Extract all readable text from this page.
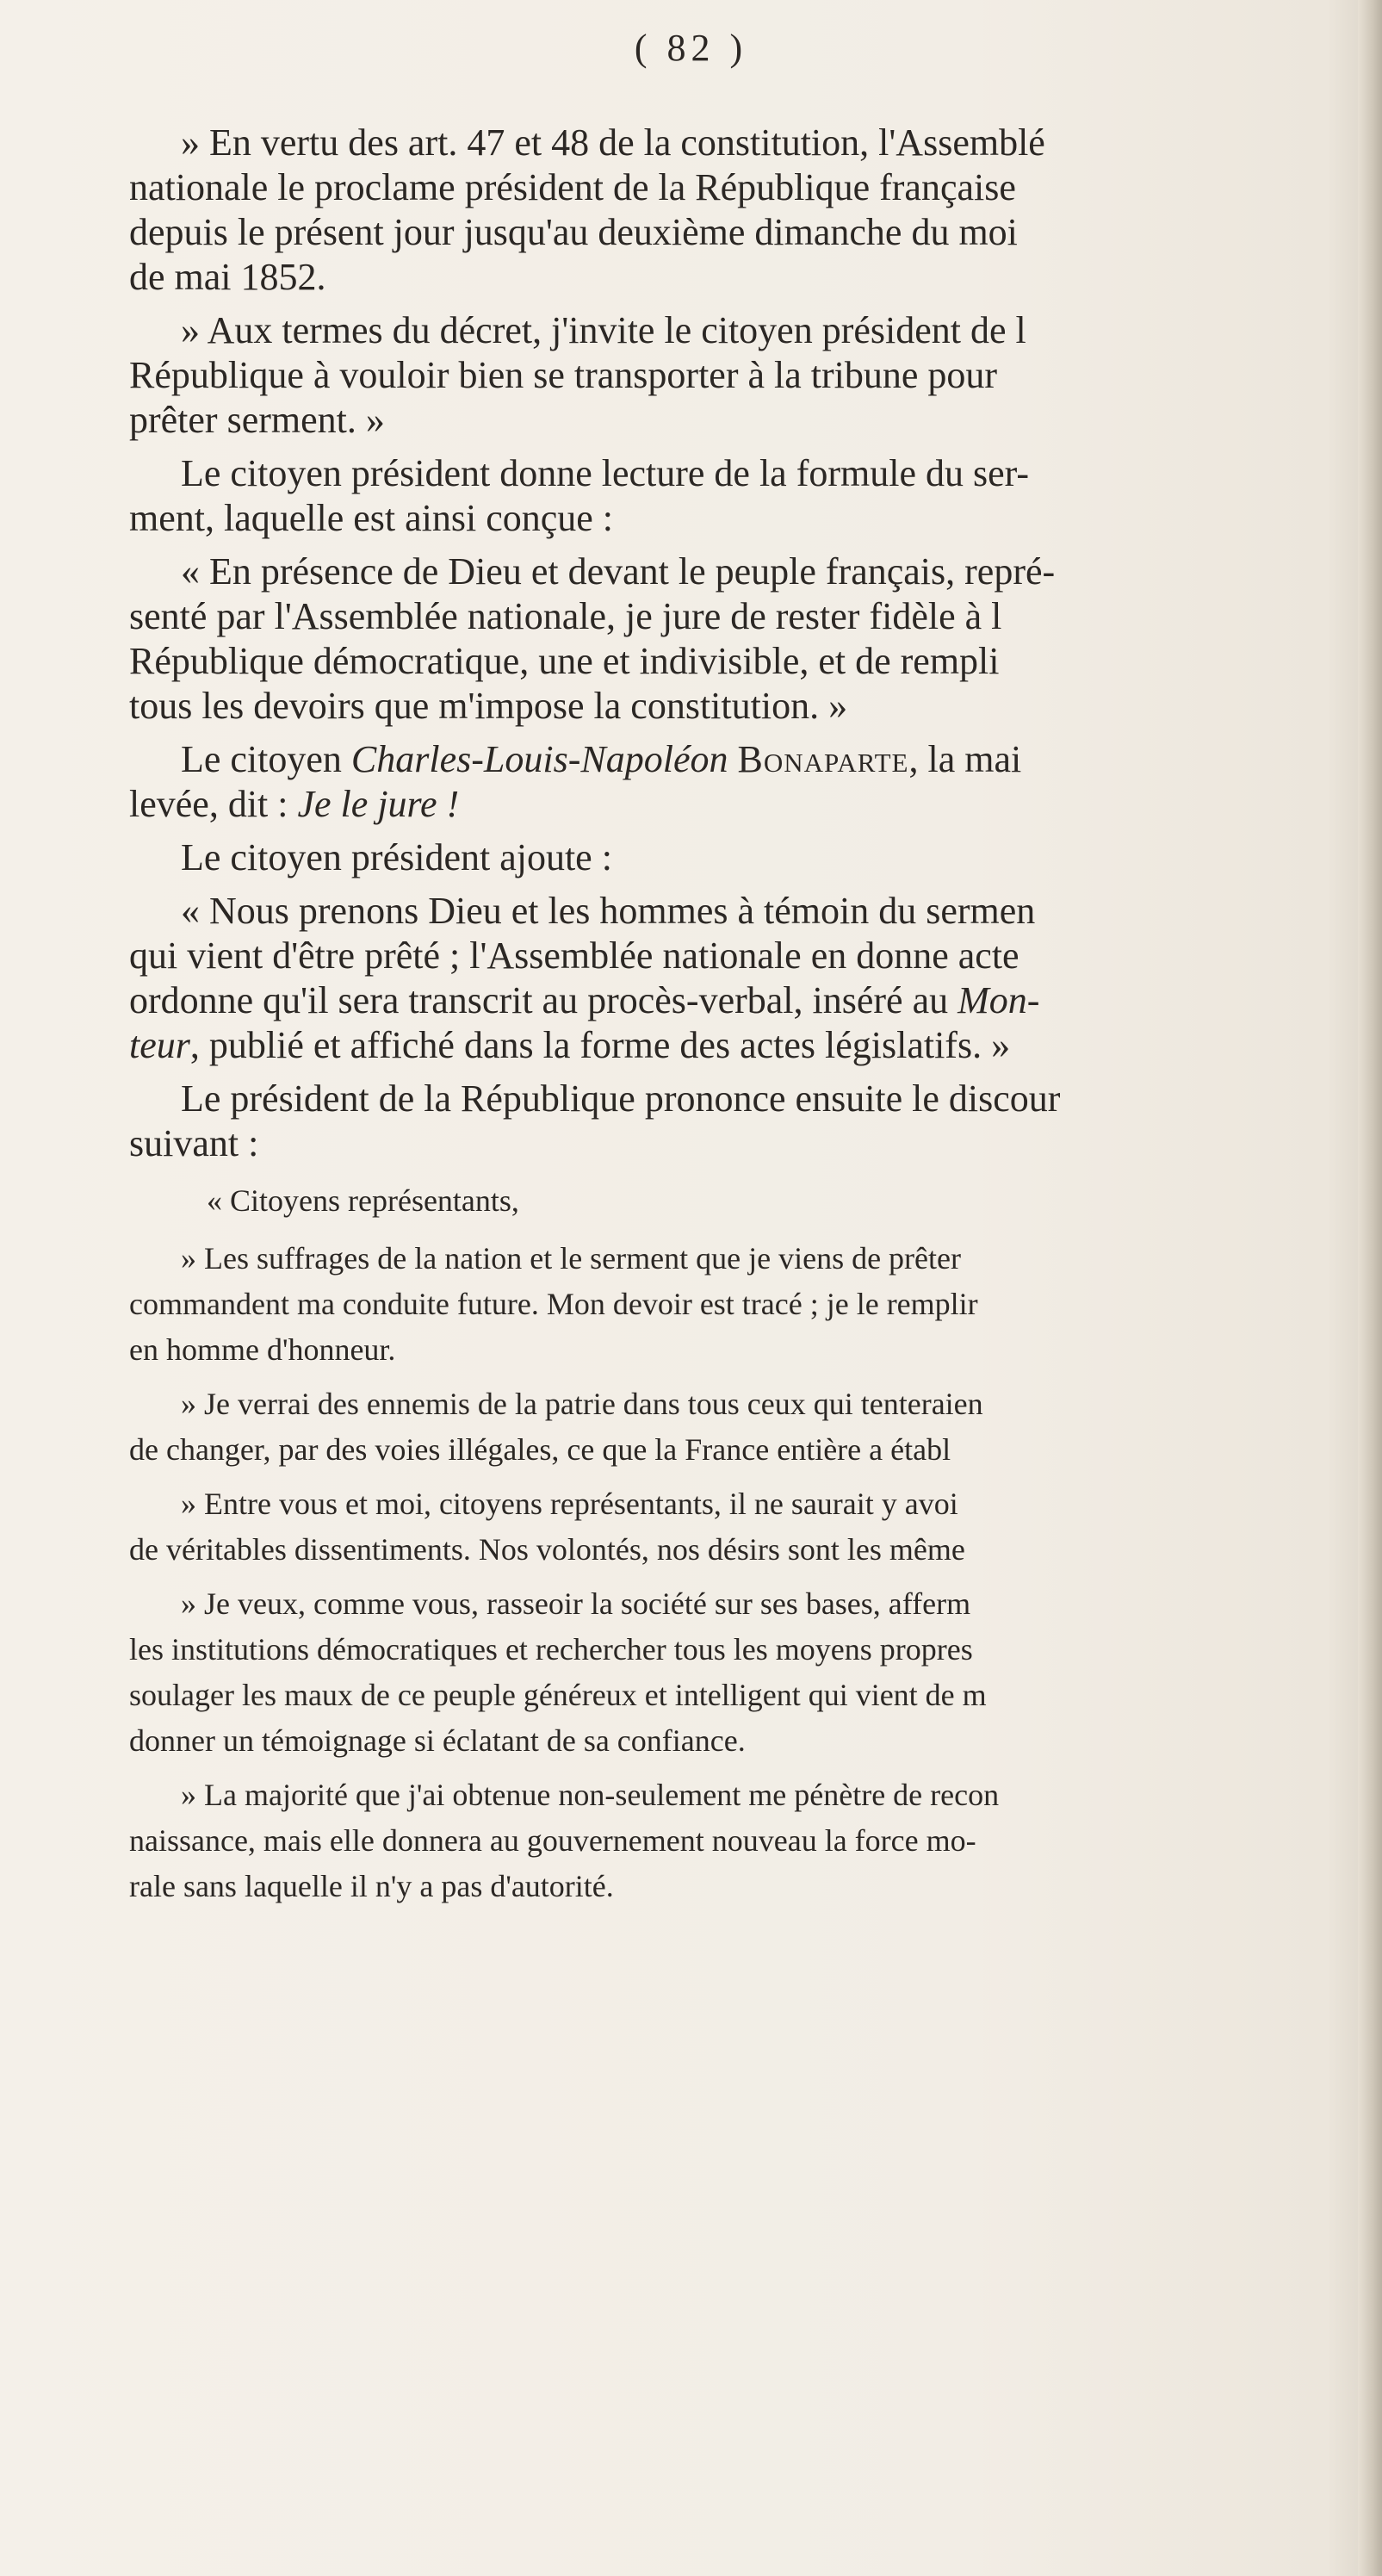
( 82 )

» En vertu des art. 47 et 48 de la constitution, l'Assemblé

nationale le proclame président de la République française

depuis le présent jour jusqu'au deuxième dimanche du moi

de mai 1852.

» Aux termes du décret, j'invite le citoyen président de l

République à vouloir bien se transporter à la tribune pour

prêter serment. »

Le citoyen président donne lecture de la formule du ser-

ment, laquelle est ainsi conçue :

« En présence de Dieu et devant le peuple français, repré-

senté par l'Assemblée nationale, je jure de rester fidèle à l

République démocratique, une et indivisible, et de rempli

tous les devoirs que m'impose la constitution. »

Le citoyen Charles-Louis-Napoléon Bonaparte, la mai

levée, dit : Je le jure !

Le citoyen président ajoute :

« Nous prenons Dieu et les hommes à témoin du sermen

qui vient d'être prêté ; l'Assemblée nationale en donne acte

ordonne qu'il sera transcrit au procès-verbal, inséré au Mon-

teur, publié et affiché dans la forme des actes législatifs. »

Le président de la République prononce ensuite le discour

suivant :

« Citoyens représentants,

» Les suffrages de la nation et le serment que je viens de prêter

commandent ma conduite future. Mon devoir est tracé ; je le remplir

en homme d'honneur.

» Je verrai des ennemis de la patrie dans tous ceux qui tenteraien

de changer, par des voies illégales, ce que la France entière a établ

» Entre vous et moi, citoyens représentants, il ne saurait y avoi

de véritables dissentiments. Nos volontés, nos désirs sont les même

» Je veux, comme vous, rasseoir la société sur ses bases, afferm

les institutions démocratiques et rechercher tous les moyens propres

soulager les maux de ce peuple généreux et intelligent qui vient de m

donner un témoignage si éclatant de sa confiance.

» La majorité que j'ai obtenue non-seulement me pénètre de recon

naissance, mais elle donnera au gouvernement nouveau la force mo-

rale sans laquelle il n'y a pas d'autorité.
